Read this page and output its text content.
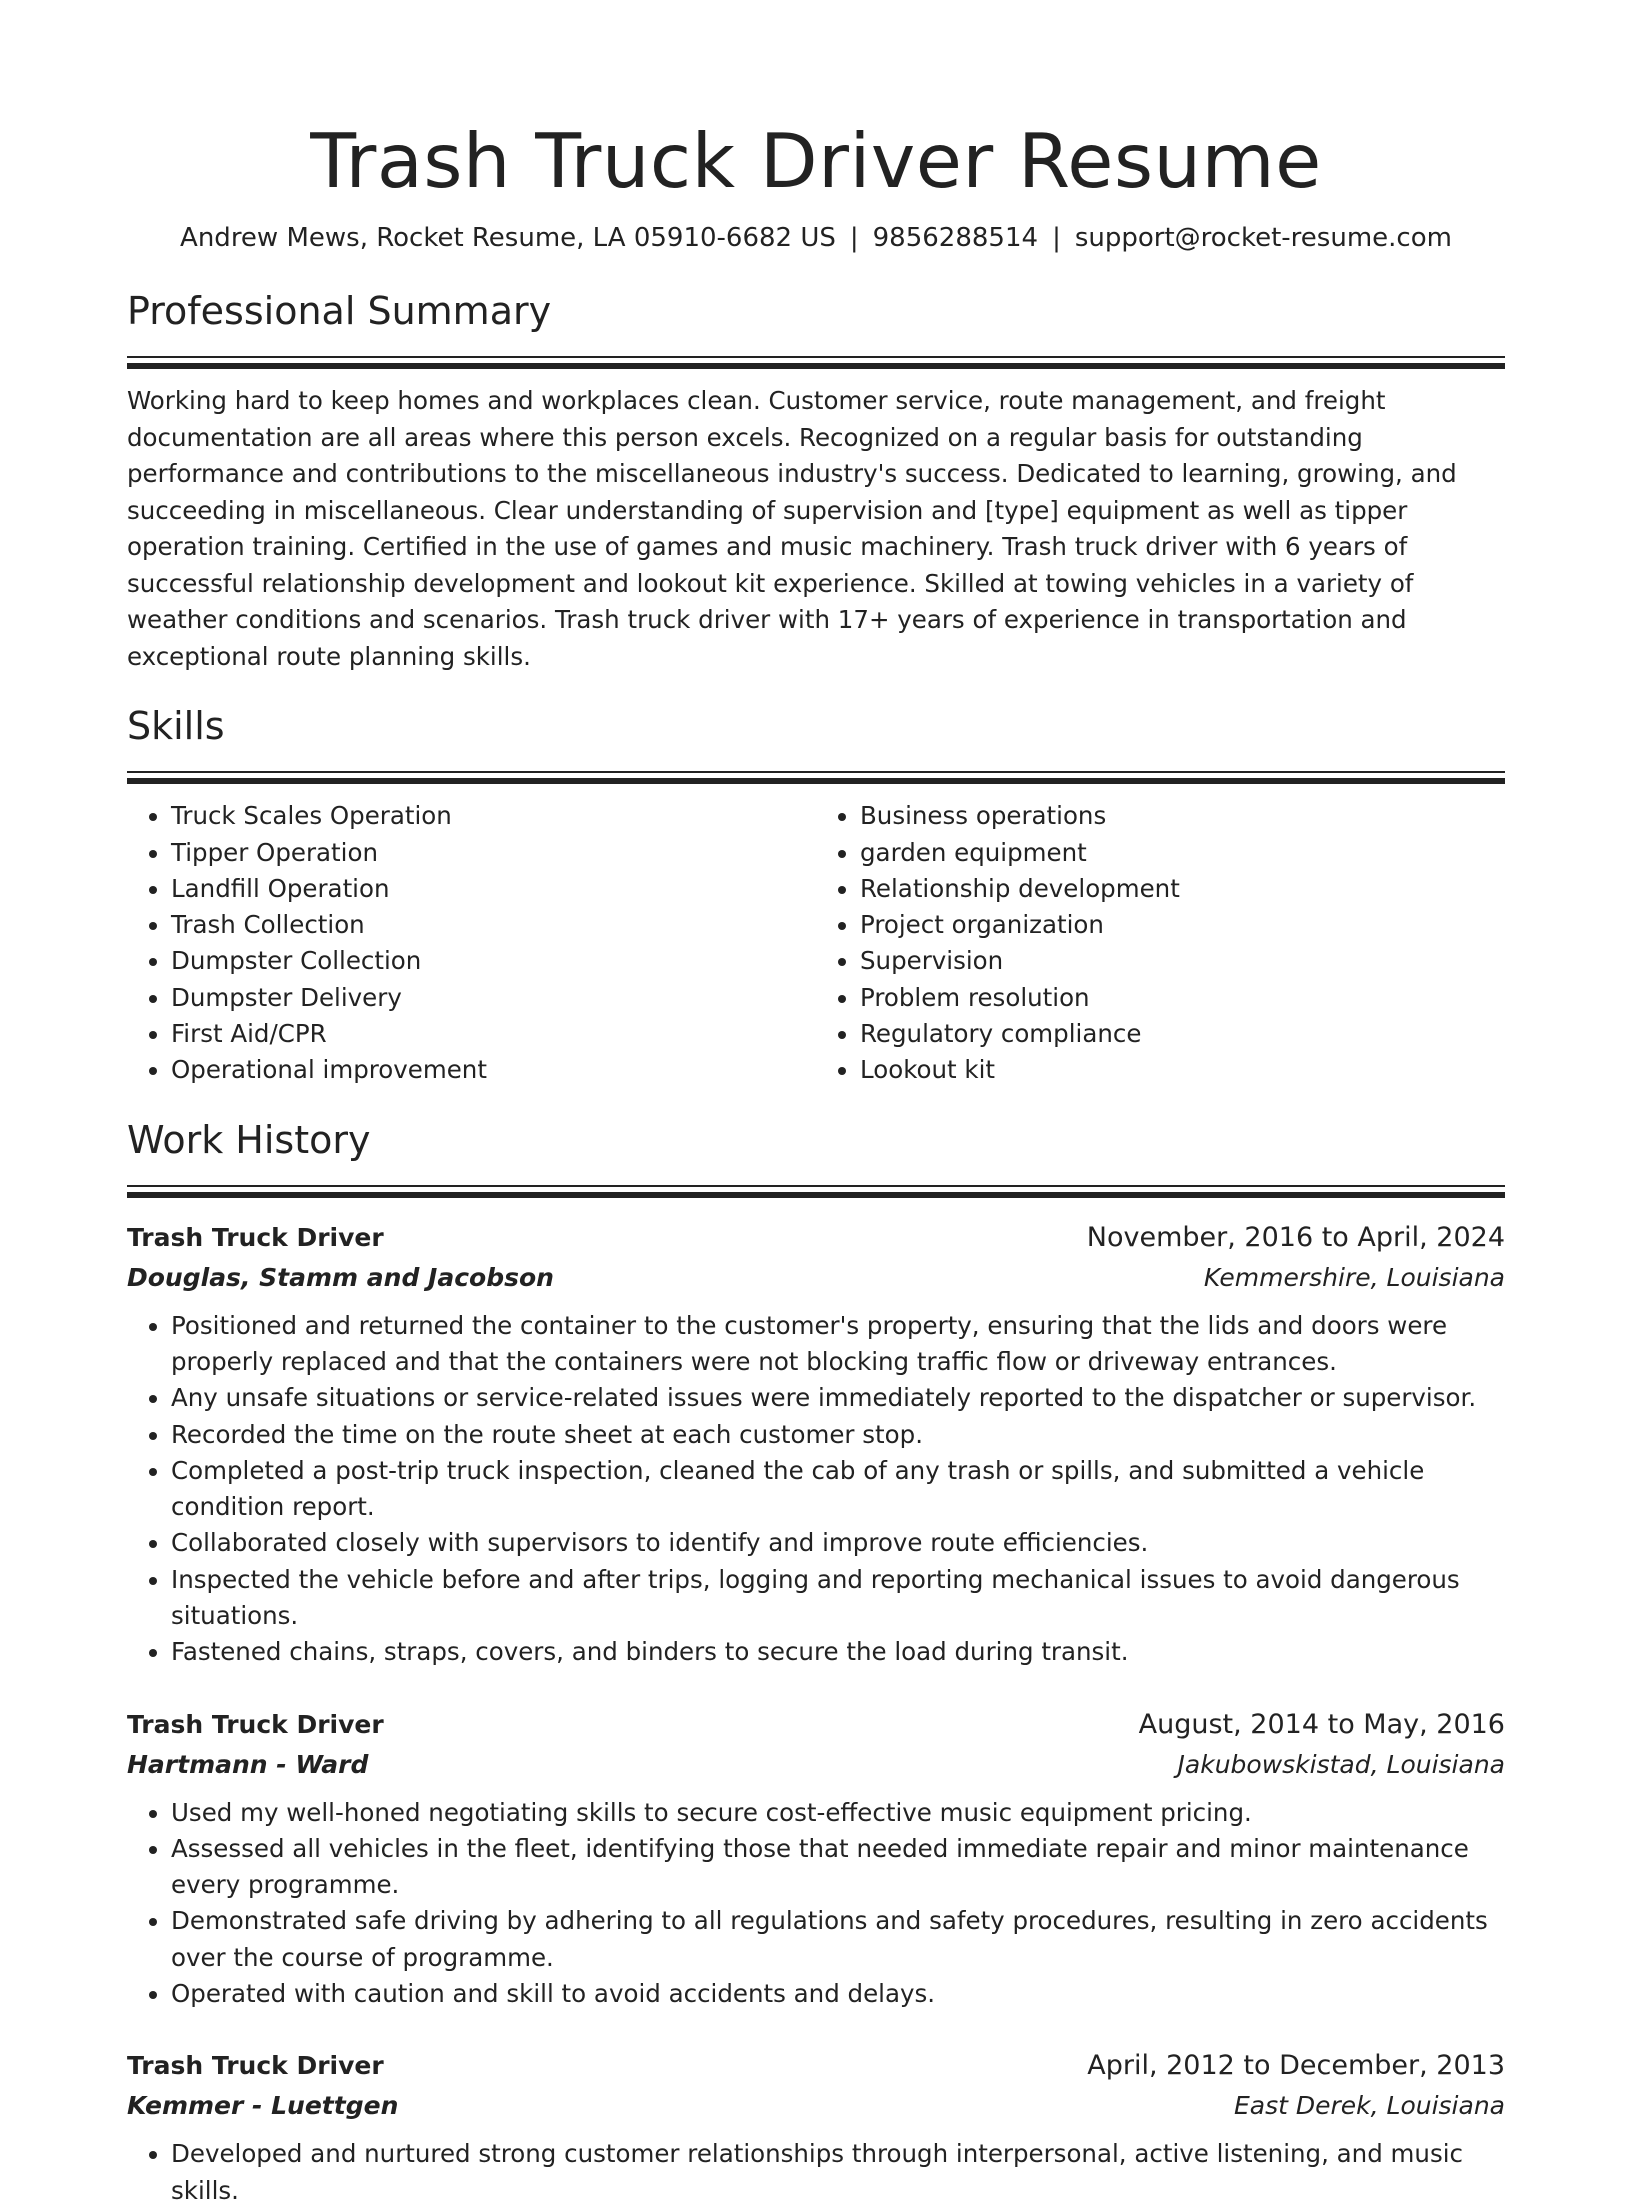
Trash Truck Driver Resume
Andrew Mews, Rocket Resume, LA 05910-6682 US | 9856288514 | support@rocket-resume.com
Professional Summary

Working hard to keep homes and workplaces clean. Customer service, route management, and freight documentation are all areas where this person excels. Recognized on a regular basis for outstanding performance and contributions to the miscellaneous industry's success. Dedicated to learning, growing, and succeeding in miscellaneous. Clear understanding of supervision and [type] equipment as well as tipper operation training. Certified in the use of games and music machinery. Trash truck driver with 6 years of successful relationship development and lookout kit experience. Skilled at towing vehicles in a variety of weather conditions and scenarios. Trash truck driver with 17+ years of experience in transportation and exceptional route planning skills.

Skills
• Truck Scales Operation
• Tipper Operation
• Landfill Operation
• Trash Collection
• Dumpster Collection
• Dumpster Delivery
• First Aid/CPR
• Operational improvement
• Business operations
• garden equipment
• Relationship development
• Project organization
• Supervision
• Problem resolution
• Regulatory compliance
• Lookout kit
Work History
Trash Truck Driver	November, 2016 to April, 2024
Douglas, Stamm and Jacobson	Kemmershire, Louisiana
• Positioned and returned the container to the customer's property, ensuring that the lids and doors were properly replaced and that the containers were not blocking traffic flow or driveway entrances.
• Any unsafe situations or service-related issues were immediately reported to the dispatcher or supervisor.
• Recorded the time on the route sheet at each customer stop.
• Completed a post-trip truck inspection, cleaned the cab of any trash or spills, and submitted a vehicle condition report.
• Collaborated closely with supervisors to identify and improve route efficiencies.
• Inspected the vehicle before and after trips, logging and reporting mechanical issues to avoid dangerous situations.
• Fastened chains, straps, covers, and binders to secure the load during transit.
Trash Truck Driver	August, 2014 to May, 2016
Hartmann - Ward	Jakubowskistad, Louisiana
• Used my well-honed negotiating skills to secure cost-effective music equipment pricing.
• Assessed all vehicles in the fleet, identifying those that needed immediate repair and minor maintenance every programme.
• Demonstrated safe driving by adhering to all regulations and safety procedures, resulting in zero accidents over the course of programme.
• Operated with caution and skill to avoid accidents and delays.
Trash Truck Driver	April, 2012 to December, 2013
Kemmer - Luettgen	East Derek, Louisiana
• Developed and nurtured strong customer relationships through interpersonal, active listening, and music skills.
